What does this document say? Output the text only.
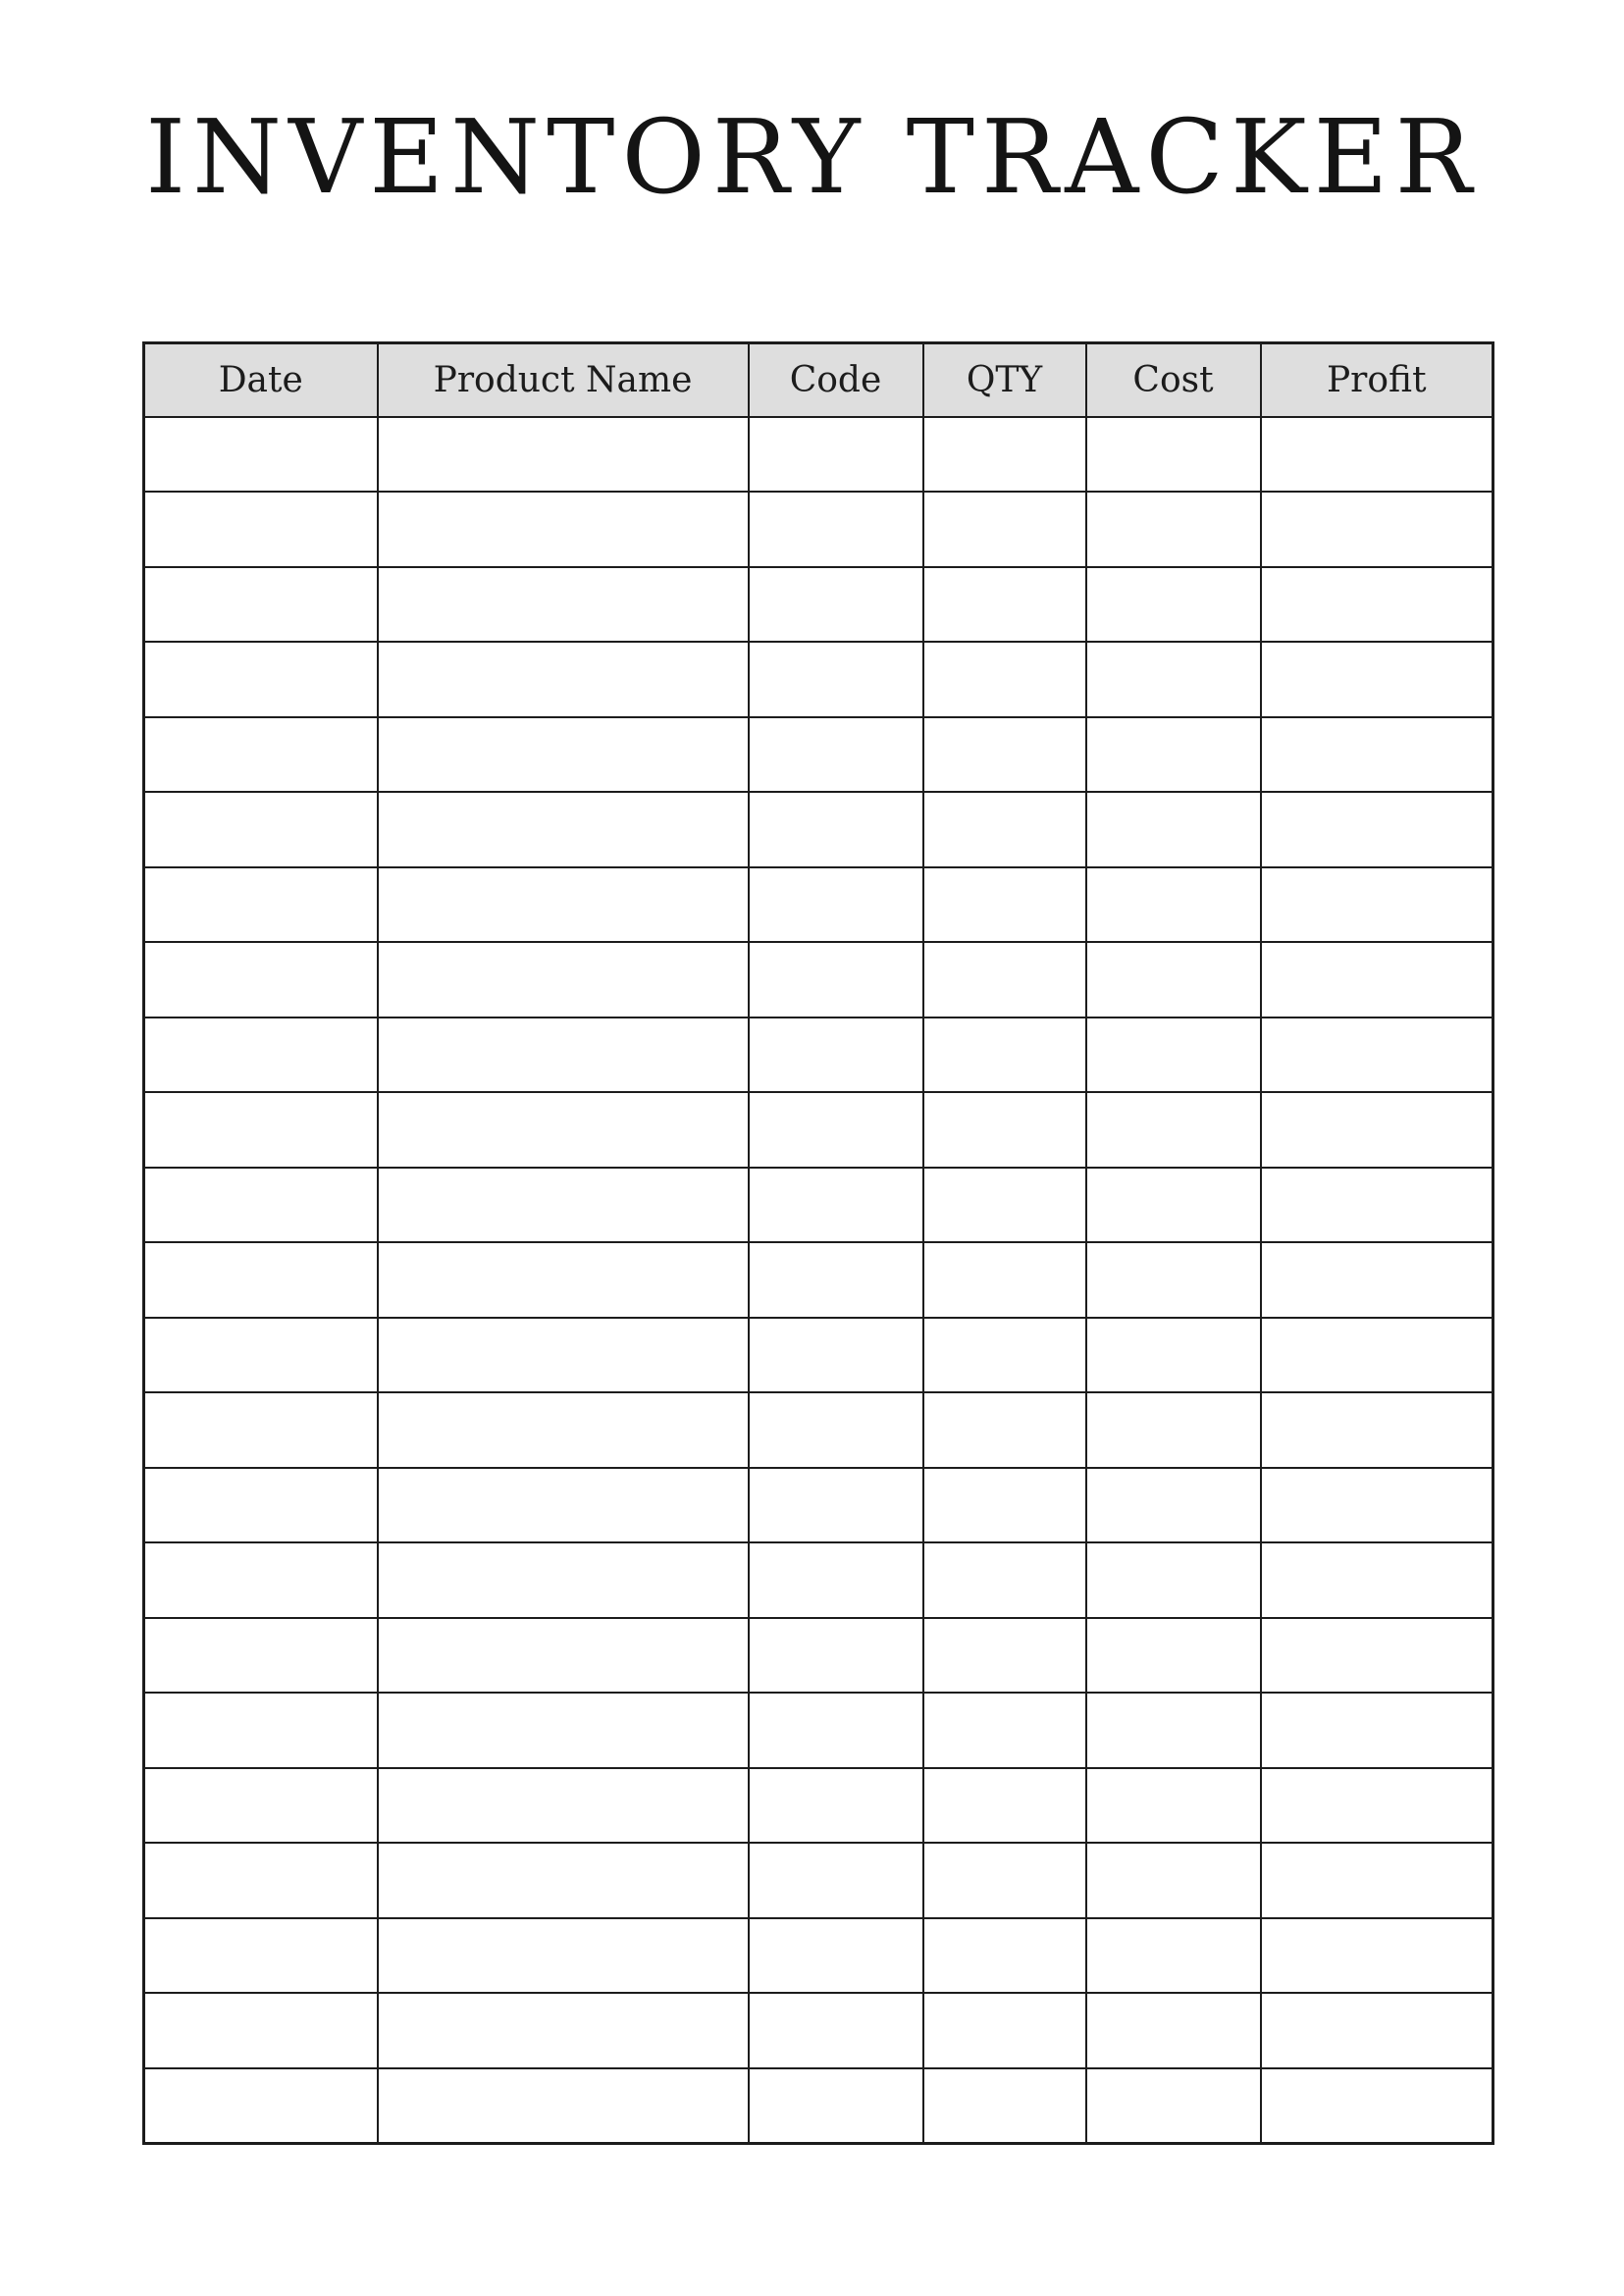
INVENTORY TRACKER
Date	Product Name	Code	QTY	Cost	Profit
